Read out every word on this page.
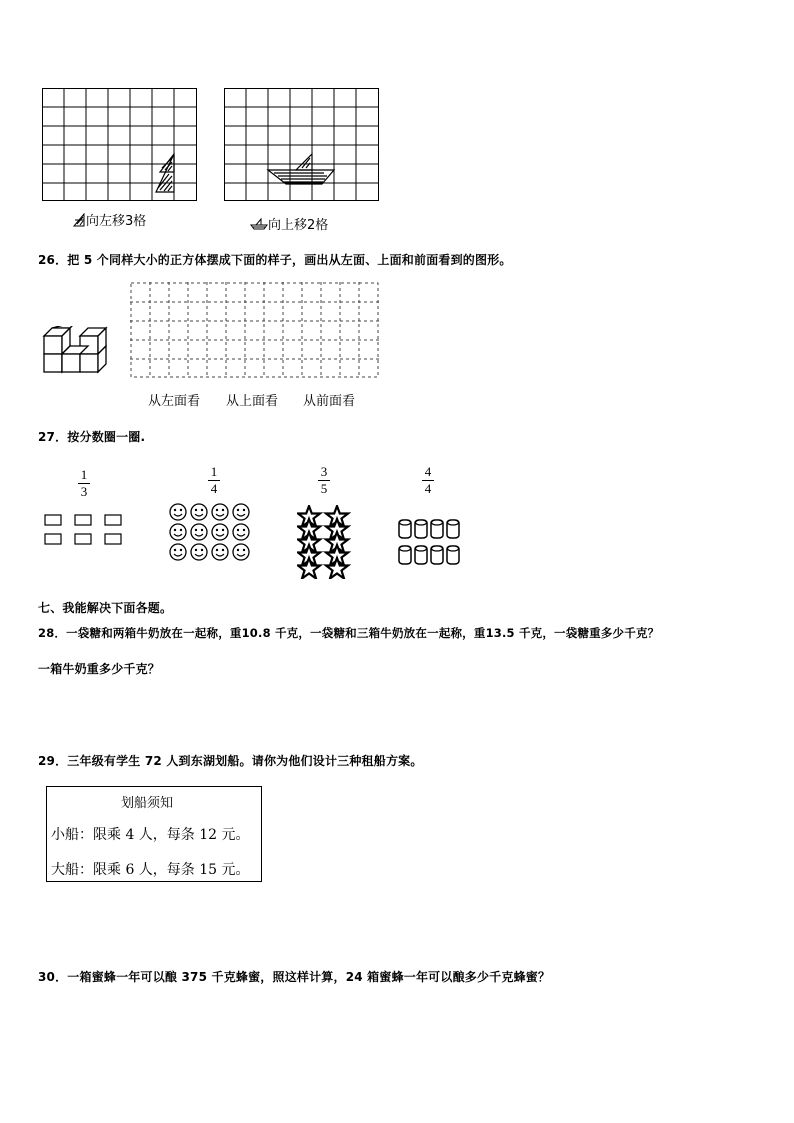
向左移3格	向上移2格
26．把 5 个同样大小的正方体摆成下面的样子，画出从左面、上面和前面看到的图形。
从左面看 从上面看 从前面看
27．按分数圈一圈.
1
3
1
4
3
5
4
4
七、我能解决下面各题。
28．一袋糖和两箱牛奶放在一起称，重10.8 千克，一袋糖和三箱牛奶放在一起称，重13.5 千克，一袋糖重多少千克？
一箱牛奶重多少千克？
29．三年级有学生 72 人到东湖划船。请你为他们设计三种租船方案。
划船须知
小船：限乘 4 人，每条 12 元。
大船：限乘 6 人，每条 15 元。
30．一箱蜜蜂一年可以酿 375 千克蜂蜜，照这样计算，24 箱蜜蜂一年可以酿多少千克蜂蜜？
